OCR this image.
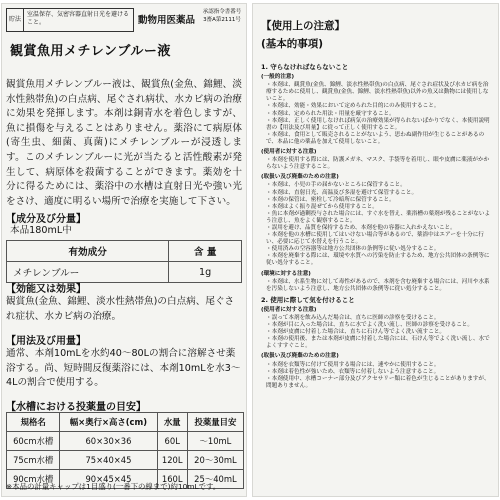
貯法
室温保存、気密容器直射日光を避けること。	動物用医薬品
承認指令書番号
3畜A第2111号
観賞魚用メチレンブルー液
観賞魚用メチレンブルー液は、観賞魚(金魚、錦鯉、淡水性熱帯魚)の白点病、尾ぐされ病状、水カビ病の治療に効果を発揮します。本剤は銅青水を着色しますが、魚に損傷を与えることはありません。薬浴にて病原体(寄生虫、細菌、真菌)にメチレンブルーが浸透します。このメチレンブルーに光が当たると活性酸素が発生して、病原体を殺菌することができます。薬効を十分に得るためには、薬浴中の水槽は直射日光や強い光をさけ、適度に明るい場所で治療を実施して下さい。
【成分及び分量】
本品180mL中
有効成分	含 量
メチレンブルー	1g
【効能又は効果】
観賞魚(金魚、錦鯉、淡水性熱帯魚)の白点病、尾ぐされ症状、水カビ病の治療。
【用法及び用量】
通常、本剤10mLを水約40〜80Lの割合に溶解させ薬浴する。尚、短時間反復薬浴には、本剤10mLを水3〜4Lの割合で使用する。
【水槽における投薬量の目安】
規格名	幅×奥行×高さ(cm)	水量	投薬量目安
60cm水槽	60×30×36	60L	〜10mL
75cm水槽	75×40×45	120L	20〜30mL
90cm水槽	90×45×45	160L	25〜40mL
※本品の計量キャップは1目盛り(一番下の線まで)約10mLです。
【使用上の注意】
(基本的事項)
1. 守らなければならないこと
(一般的注意)
・本剤は、観賞魚(金魚、錦鯉、淡水性熱帯魚)の白点病、尾ぐされ症状及び水カビ病を治療するために使用し、観賞魚(金魚、錦鯉、淡水性熱帯魚)以外の魚又は動物には使用しないこと。
・本剤は、効能・効果において定められた目的にのみ使用すること。
・本剤は、定められた用法・用量を厳守すること。
・本剤は、正しく使用しなければ病気の治療効果が得られないばかりでなく、本使用説明書の【用法及び用量】に従って正しく使用すること。
・本剤は、食用として販売されることがないよう、思わぬ副作用が生じることがあるので、本品に他の薬品を加えて使用しないこと。
(使用者に対する注意)
・本剤を使用する際には、防護メガネ、マスク、手袋等を着用し、眼や皮膚に薬液がかからないよう注意すること。
(取扱い及び廃棄のための注意)
・本剤は、小児の手の届かないところに保管すること。
・本剤は、直射日光、高温及び多湿を避けて保管すること。
・本剤の保管は、密栓して冷暗所に保管すること。
・本剤はよく振り混ぜてから使用すること。
・魚に本剤が過剰投与された場合には、すぐ水を替え、薬浴槽の薬剤が残ることがないよう注意し、魚をよく観察すること。
・誤用を避け、品質を保持するため、本剤を他の容器に入れかえないこと。
・本剤を他の水槽に使用してはいけない場合等があるので、薬浴中はエアーを十分に行い、必要に応じて水替えを行うこと。
・使用済みの空容器等は地方公共団体の条例等に従い処分すること。
・本剤を廃棄する際には、環境や水質への汚染を防止するため、地方公共団体の条例等に従い処分すること。
(環境に対する注意)
・本剤は、水系生物に対して毒性があるので、本剤を含む廃棄する場合には、河川や水系を汚染しないよう注意し、地方公共団体の条例等に従い処分すること。
2. 使用に際して気を付けること
(使用者に対する注意)
・誤って本剤を飲み込んだ場合は、直ちに医師の診察を受けること。
・本剤が目に入った場合は、直ちに水でよく洗い流し、医師の診察を受けること。
・本剤が皮膚に付着した場合は、直ちに石けん等でよく洗い流すこと。
・本剤の使用後、または本剤が皮膚に付着した場合には、石けん等でよく洗い流し、水でよくすすぐこと。
(取扱い及び廃棄のための注意)
・本剤を衣類等に付けて使用する場合には、速やかに使用すること。
・本剤は着色性が強いため、衣類等に付着しないよう注意すること。
・本剤使用中、水槽コーナー部分及びアクセサリー類に着色が生じることがありますが、問題ありません。
